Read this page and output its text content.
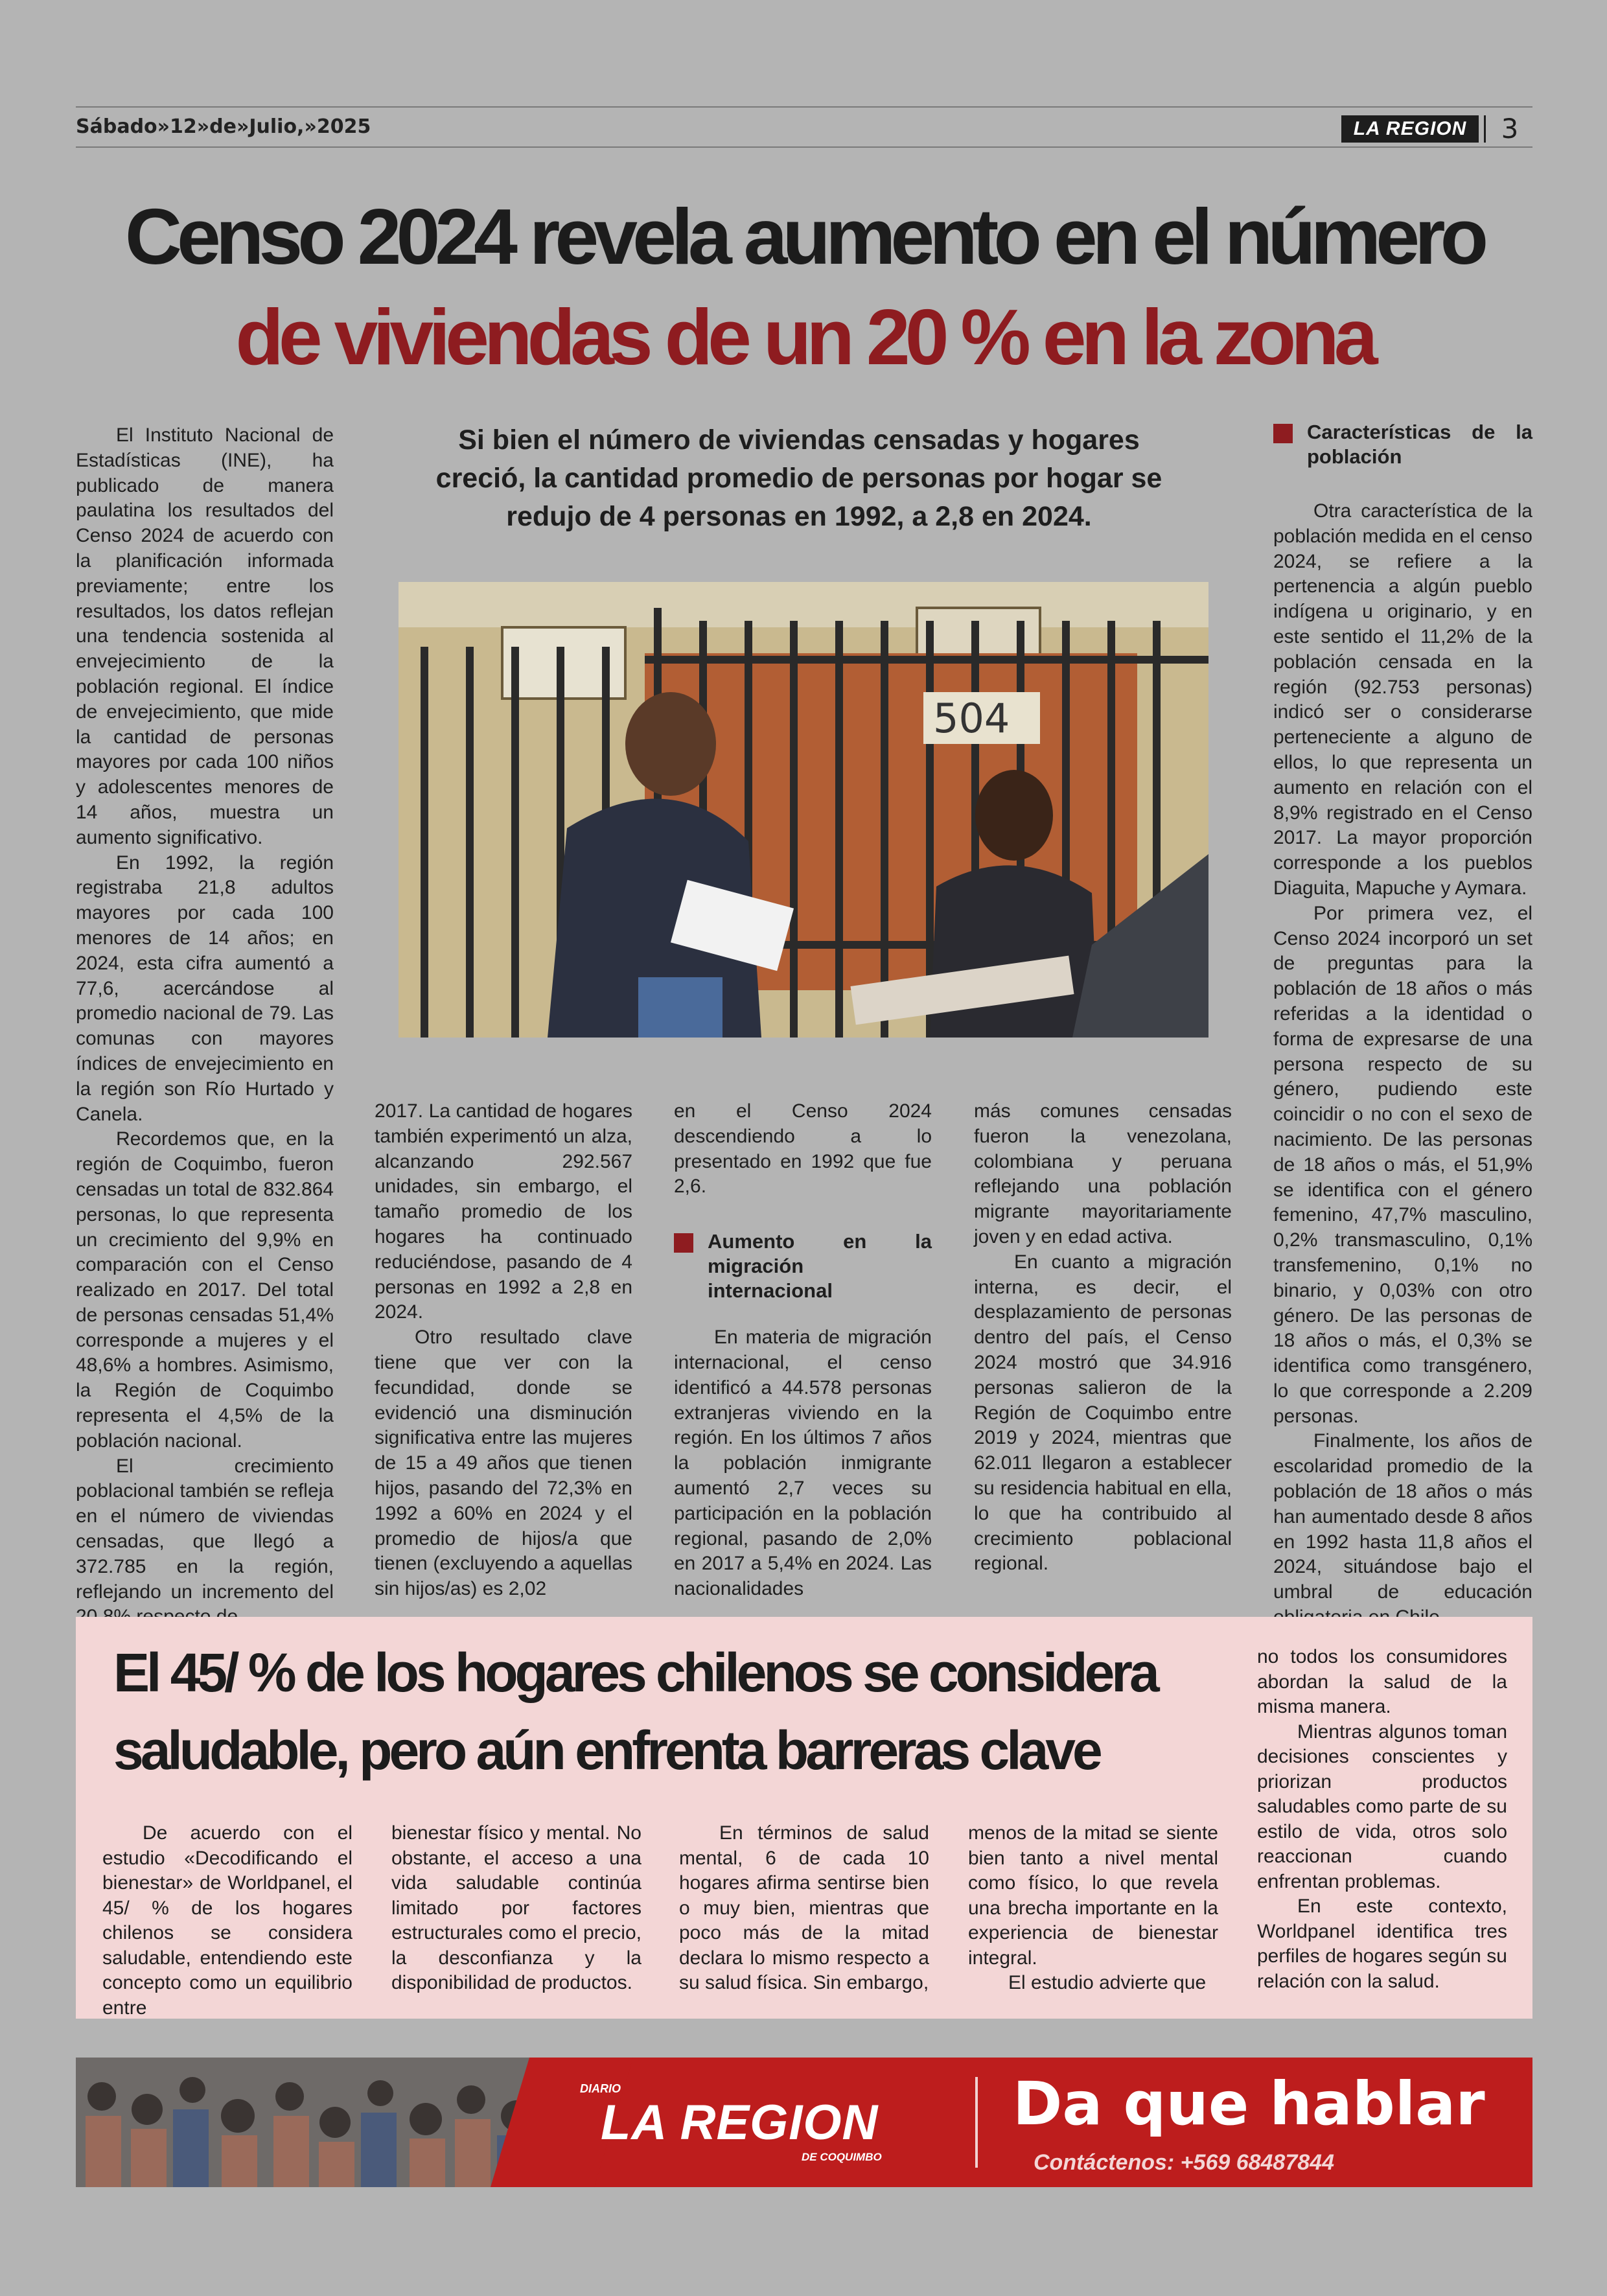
Sábado»12»de»Julio,»2025	LA REGION	3
Censo 2024 revela aumento en el número
de viviendas de un 20 % en la zona

El Instituto Nacional de Estadísticas (INE), ha publicado de manera paulatina los resultados del Censo 2024 de acuerdo con la planificación informada previamente; entre los resultados, los datos reflejan una tendencia sostenida al envejecimiento de la población regional. El índice de envejecimiento, que mide la cantidad de personas mayores por cada 100 niños y adolescentes menores de 14 años, muestra un aumento significativo.

En 1992, la región registraba 21,8 adultos mayores por cada 100 menores de 14 años; en 2024, esta cifra aumentó a 77,6, acercándose al promedio nacional de 79. Las comunas con mayores índices de envejecimiento en la región son Río Hurtado y Canela.

Recordemos que, en la región de Coquimbo, fueron censadas un total de 832.864 personas, lo que representa un crecimiento del 9,9% en comparación con el Censo realizado en 2017. Del total de personas censadas 51,4% corresponde a mujeres y el 48,6% a hombres. Asimismo, la Región de Coquimbo representa el 4,5% de la población nacional.

El crecimiento poblacional también se refleja en el número de viviendas censadas, que llegó a 372.785 en la región, reflejando un incremento del

Si bien el número de viviendas censadas y hogares creció, la cantidad promedio de personas por hogar se redujo de 4 personas en 1992, a 2,8 en 2024.
504

2017. La cantidad de hogares también experimentó un alza, alcanzando 292.567 unidades, sin embargo, el tamaño promedio de los hogares ha continuado reduciéndose, pasando de 4 personas en 1992 a 2,8 en 2024.

Otro resultado clave tiene que ver con la fecundidad, donde se evidenció una disminución significativa entre las mujeres de 15 a 49 años que tienen hijos, pasando del 72,3% en 1992 a 60% en 2024 y el promedio de hijos/a que tienen (excluyendo a aquellas sin hijos/as) es 2,02

en el Censo 2024 descendiendo a lo presentado en 1992 que fue 2,6.

Aumento en la migración internacional

En materia de migración internacional, el censo identificó a 44.578 personas extranjeras viviendo en la región. En los últimos 7 años la población inmigrante aumentó 2,7 veces su participación en la población regional, pasando de 2,0% en 2017 a 5,4% en 2024. Las nacionalidades

más comunes censadas fueron la venezolana, colombiana y peruana reflejando una población migrante mayoritariamente joven y en edad activa.

En cuanto a migración interna, es decir, el desplazamiento de personas dentro del país, el Censo 2024 mostró que 34.916 personas salieron de la Región de Coquimbo entre 2019 y 2024, mientras que 62.011 llegaron a establecer su residencia habitual en ella, lo que ha contribuido al crecimiento poblacional regional.

Características de la población

Otra característica de la población medida en el censo 2024, se refiere a la pertenencia a algún pueblo indígena u originario, y en este sentido el 11,2% de la población censada en la región (92.753 personas) indicó ser o considerarse perteneciente a alguno de ellos, lo que representa un aumento en relación con el 8,9% registrado en el Censo 2017. La mayor proporción corresponde a los pueblos Diaguita, Mapuche y Aymara.

Por primera vez, el Censo 2024 incorporó un set de preguntas para la población de 18 años o más referidas a la identidad o forma de expresarse de una persona respecto de su género, pudiendo este coincidir o no con el sexo de nacimiento. De las personas de 18 años o más, el 51,9% se identifica con el género femenino, 47,7% masculino, 0,2% transmasculino, 0,1% transfemenino, 0,1% no binario, y 0,03% con otro género. De las personas de 18 años o más, el 0,3% se identifica como transgénero, lo que corresponde a 2.209 personas.

Finalmente, los años de escolaridad promedio de la población de 18 años o más han aumentado desde 8 años en 1992 hasta 11,8 años el 2024, situándose bajo el umbral de educación

El 45/ % de los hogares chilenos se considera
saludable, pero aún enfrenta barreras clave

De acuerdo con el estudio «Decodificando el bienestar» de Worldpanel, el 45/ % de los hogares chilenos se considera saludable, entendiendo este concepto como un equilibrio entre

bienestar físico y mental. No obstante, el acceso a una vida saludable continúa limitado por factores estructurales como el precio, la desconfianza y la disponibilidad de productos.

En términos de salud mental, 6 de cada 10 hogares afirma sentirse bien o muy bien, mientras que poco más de la mitad declara lo mismo respecto a su salud física. Sin embargo,

menos de la mitad se siente bien tanto a nivel mental como físico, lo que revela una brecha importante en la experiencia de bienestar integral.

El estudio advierte que

no todos los consumidores abordan la salud de la misma manera.

Mientras algunos toman decisiones conscientes y priorizan productos saludables como parte de su estilo de vida, otros solo reaccionan cuando enfrentan problemas.

En este contexto, Worldpanel identifica tres perfiles de hogares según su relación con la salud.

DIARIO
LA REGION
DE COQUIMBO
Da que hablar
Contáctenos: +569 68487844
